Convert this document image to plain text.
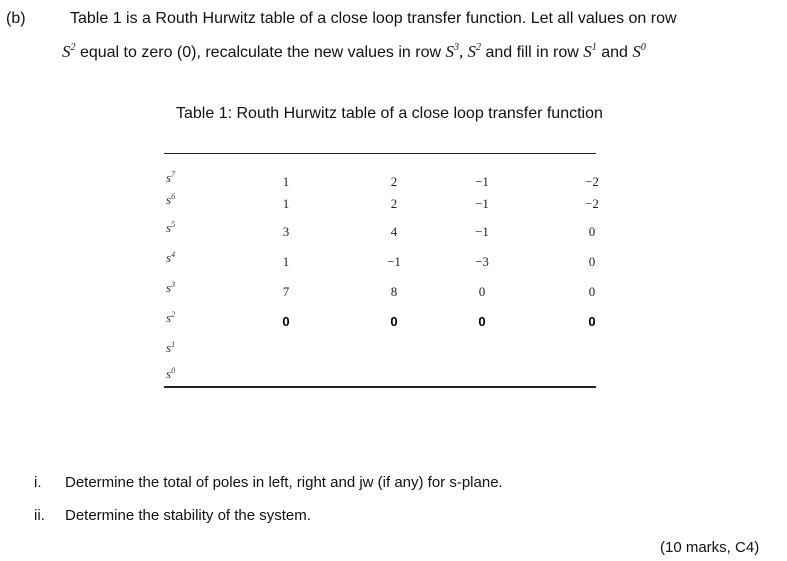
(b)	Table 1 is a Routh Hurwitz table of a close loop transfer function. Let all values on row
$S^2$ equal to zero (0), recalculate the new values in row $S^3$, $S^2$ and fill in row $S^1$ and $S^0$
Table 1: Routh Hurwitz table of a close loop transfer function
$s^7$	1	2	−1	−2
$s^6$	1	2	−1	−2
$s^5$	3	4	−1	0
$s^4$	1	−1	−3	0
$s^3$	7	8	0	0
$s^2$	0	0	0	0
$s^1$
$s^0$
i. Determine the total of poles in left, right and jw (if any) for s-plane.
ii. Determine the stability of the system.
(10 marks, C4)
